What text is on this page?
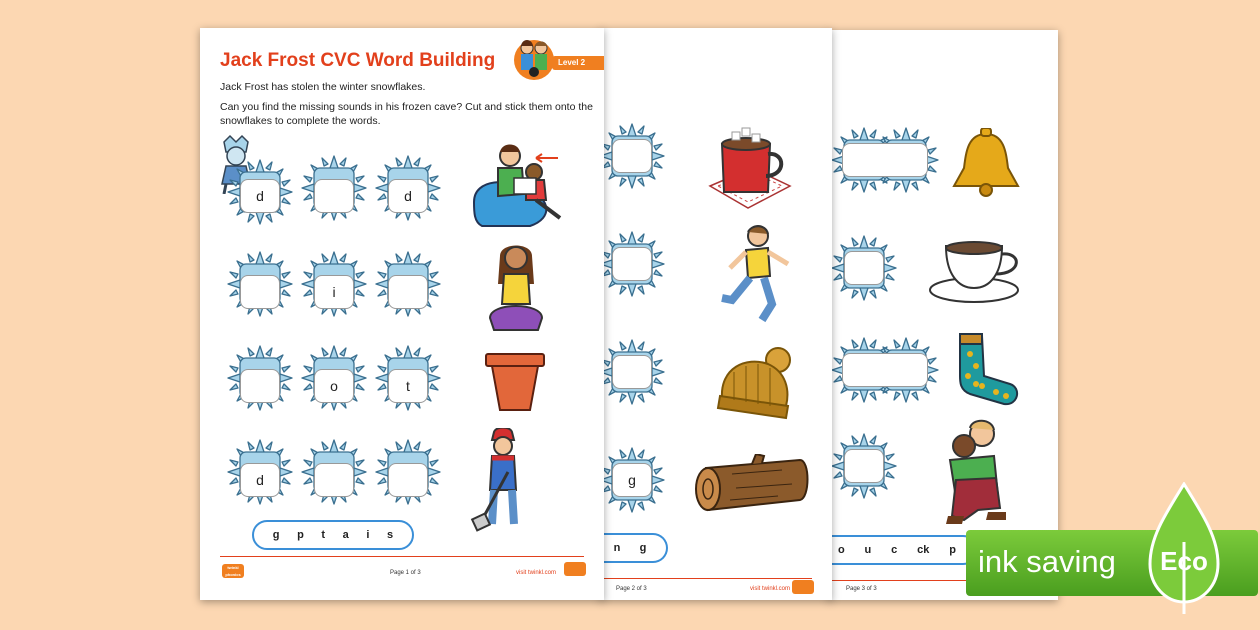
o u c ck p
Page 3 of 3
g
n g
Page 2 of 3	visit twinkl.com
Jack Frost CVC Word Building	Level 2
Jack Frost has stolen the winter snowflakes.
Can you find the missing sounds in his frozen cave? Cut and stick them onto the snowflakes to complete the words.
d	d
i
o	t
d
g p t a i s
twinkl phonics	Page 1 of 3	visit twinkl.com	ink saving Eco
